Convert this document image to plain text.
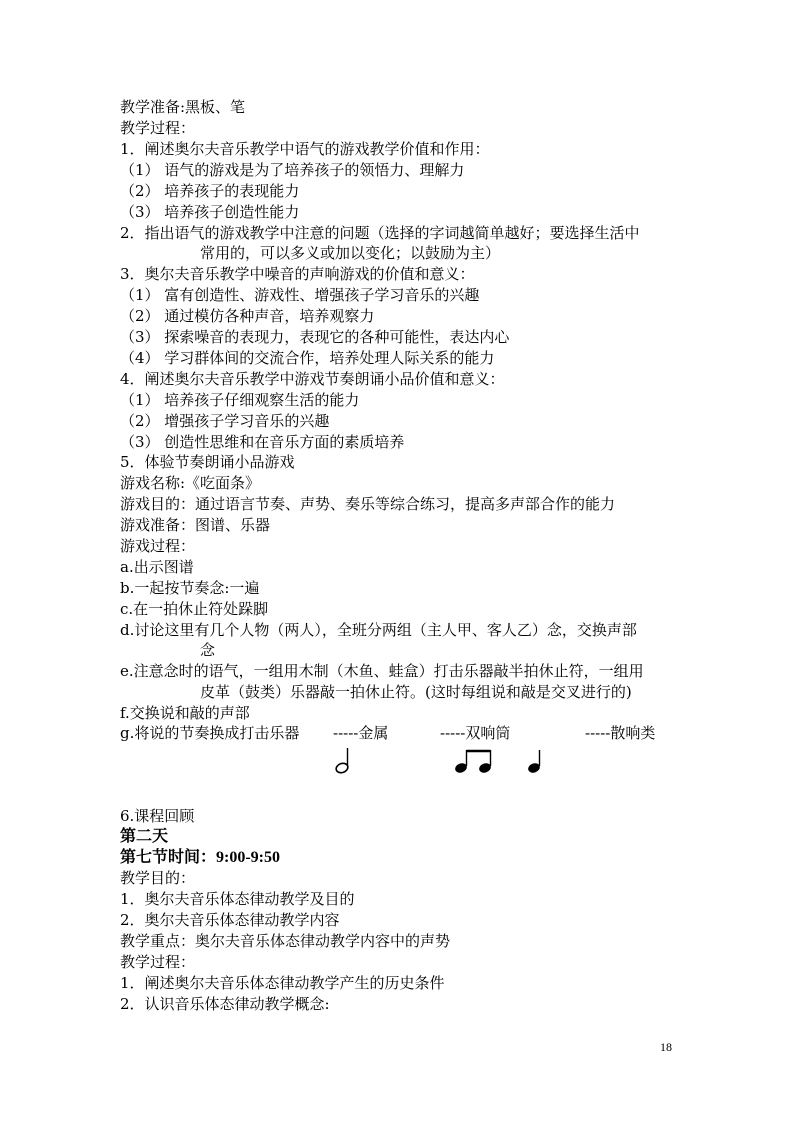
教学准备:黑板、笔
教学过程：
1．阐述奥尔夫音乐教学中语气的游戏教学价值和作用：
（1） 语气的游戏是为了培养孩子的领悟力、理解力
（2） 培养孩子的表现能力
（3） 培养孩子创造性能力
2．指出语气的游戏教学中注意的问题（选择的字词越简单越好；要选择生活中
常用的，可以多义或加以变化；以鼓励为主）
3．奥尔夫音乐教学中噪音的声响游戏的价值和意义：
（1） 富有创造性、游戏性、增强孩子学习音乐的兴趣
（2） 通过模仿各种声音，培养观察力
（3） 探索噪音的表现力，表现它的各种可能性，表达内心
（4） 学习群体间的交流合作，培养处理人际关系的能力
4．阐述奥尔夫音乐教学中游戏节奏朗诵小品价值和意义：
（1） 培养孩子仔细观察生活的能力
（2） 增强孩子学习音乐的兴趣
（3） 创造性思维和在音乐方面的素质培养
5．体验节奏朗诵小品游戏
游戏名称:《吃面条》
游戏目的：通过语言节奏、声势、奏乐等综合练习，提高多声部合作的能力
游戏准备：图谱、乐器
游戏过程：
a.出示图谱
b.一起按节奏念:一遍
c.在一拍休止符处跺脚
d.讨论这里有几个人物（两人），全班分两组（主人甲、客人乙）念，交换声部
念
e.注意念时的语气，一组用木制（木鱼、蛙盒）打击乐器敲半拍休止符，一组用
皮革（鼓类）乐器敲一拍休止符。(这时每组说和敲是交叉进行的)
f.交换说和敲的声部
g.将说的节奏换成打击乐器 -----金属	-----双响筒	-----散响类
6.课程回顾
第二天
第七节时间：9:00-9:50
教学目的：
1．奥尔夫音乐体态律动教学及目的
2．奥尔夫音乐体态律动教学内容
教学重点：奥尔夫音乐体态律动教学内容中的声势
教学过程：
1．阐述奥尔夫音乐体态律动教学产生的历史条件
2．认识音乐体态律动教学概念:
18
